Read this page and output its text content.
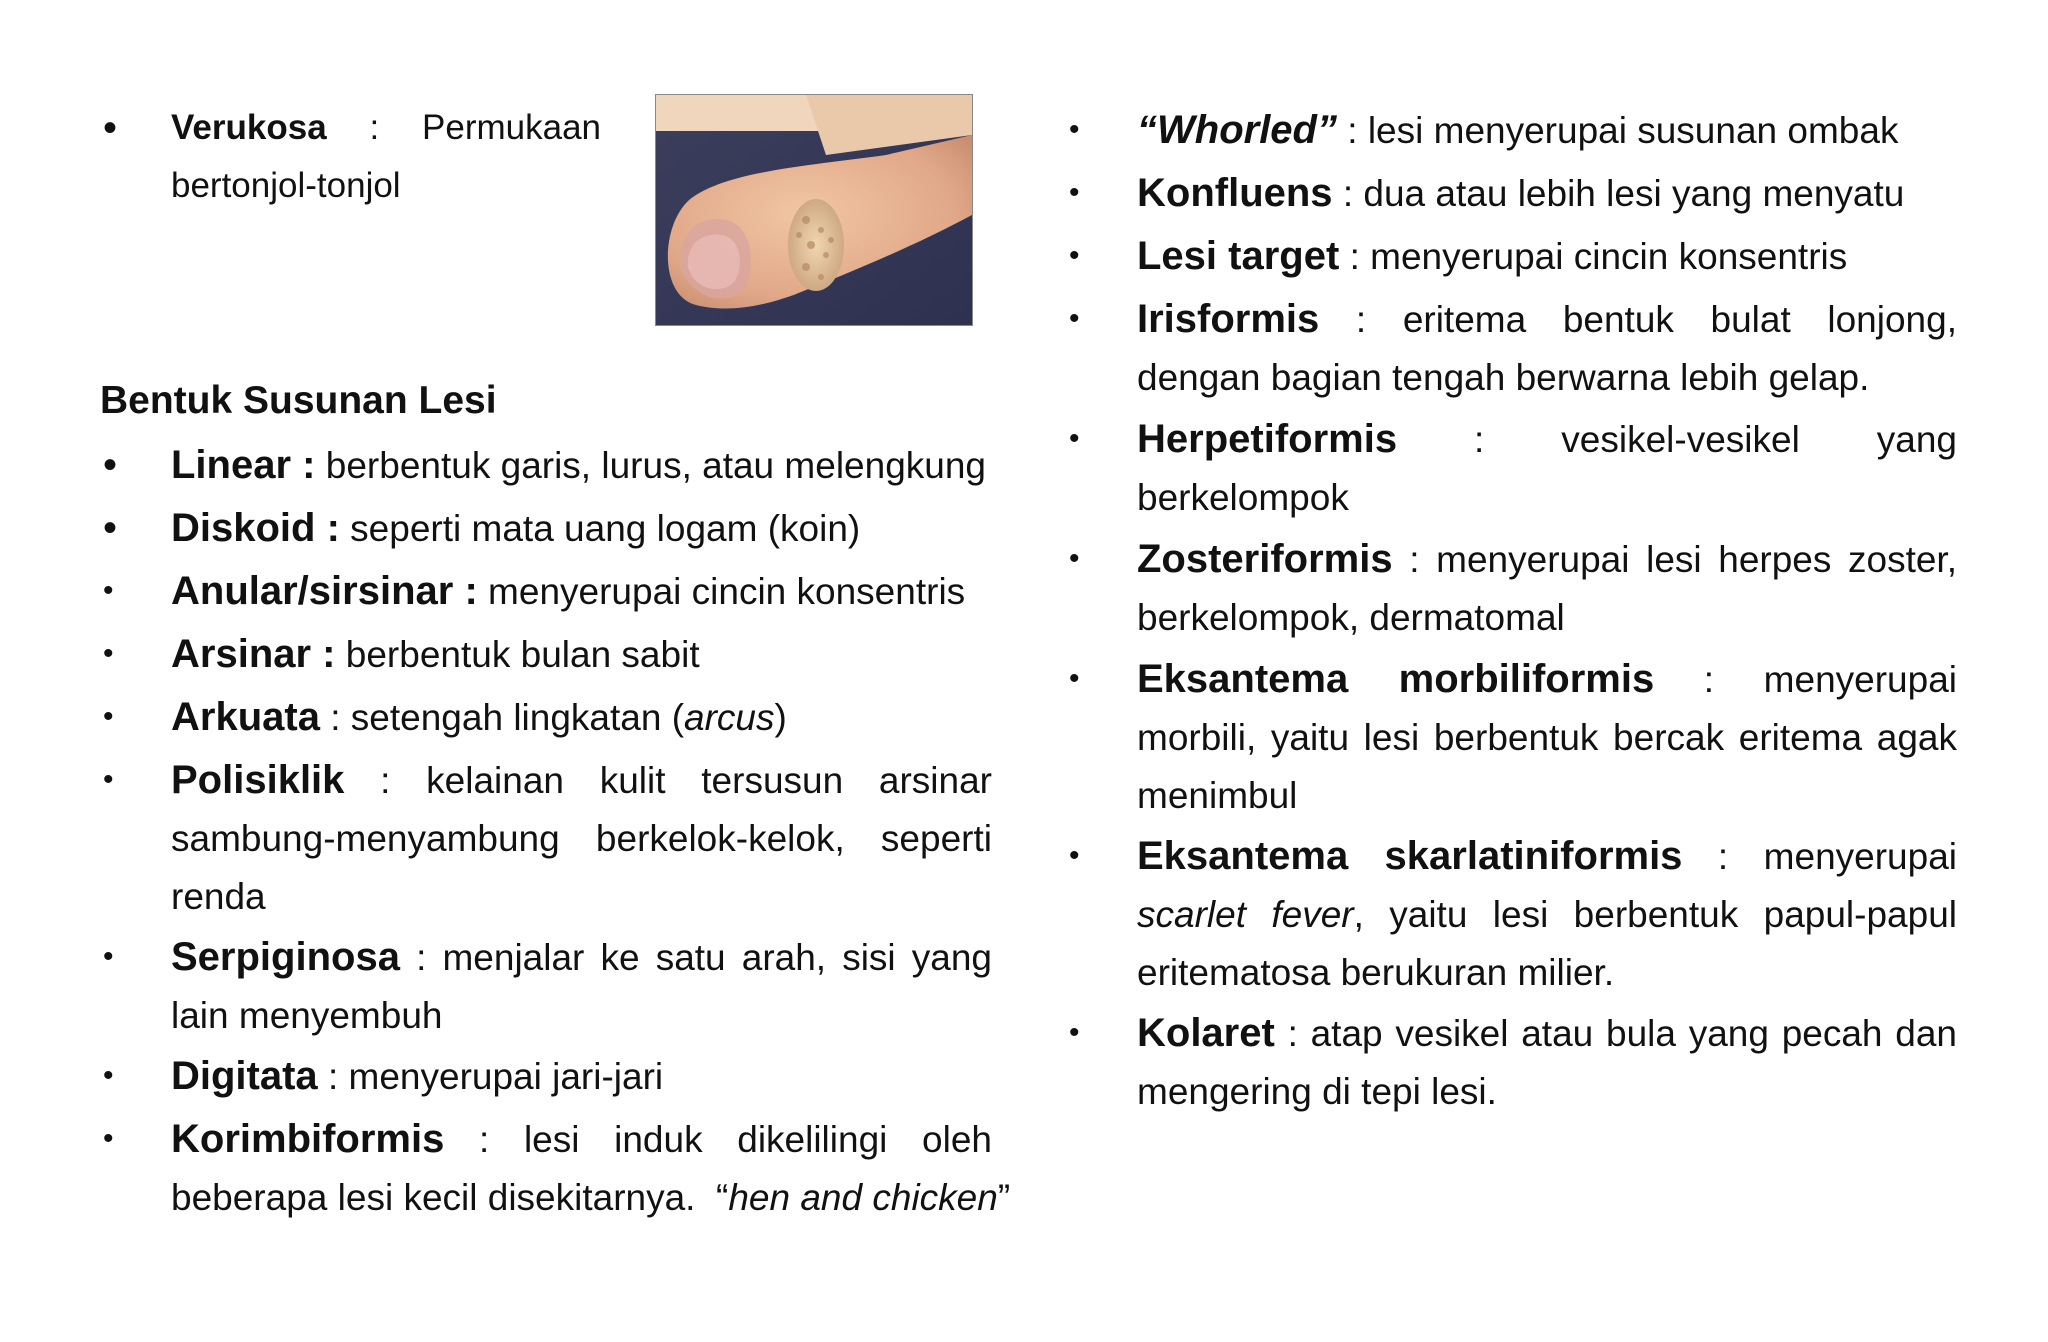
• Verukosa : Permukaan
bertonjol-tonjol
Bentuk Susunan Lesi
• Linear : berbentuk garis, lurus, atau melengkung
• Diskoid : seperti mata uang logam (koin)
• Anular/sirsinar : menyerupai cincin konsentris
• Arsinar : berbentuk bulan sabit
• Arkuata : setengah lingkatan (arcus)
• Polisiklik : kelainan kulit tersusun arsinar
sambung-menyambung berkelok-kelok, seperti
renda
• Serpiginosa : menjalar ke satu arah, sisi yang
lain menyembuh
• Digitata : menyerupai jari-jari
• Korimbiformis : lesi induk dikelilingi oleh
beberapa lesi kecil disekitarnya.  “hen and chicken”
• “Whorled” : lesi menyerupai susunan ombak
• Konfluens : dua atau lebih lesi yang menyatu
• Lesi target : menyerupai cincin konsentris
• Irisformis : eritema bentuk bulat lonjong,
dengan bagian tengah berwarna lebih gelap.
• Herpetiformis : vesikel-vesikel yang
berkelompok
• Zosteriformis : menyerupai lesi herpes zoster,
berkelompok, dermatomal
• Eksantema morbiliformis : menyerupai
morbili, yaitu lesi berbentuk bercak eritema agak
menimbul
• Eksantema skarlatiniformis : menyerupai
scarlet fever, yaitu lesi berbentuk papul-papul
eritematosa berukuran milier.
• Kolaret : atap vesikel atau bula yang pecah dan
mengering di tepi lesi.
